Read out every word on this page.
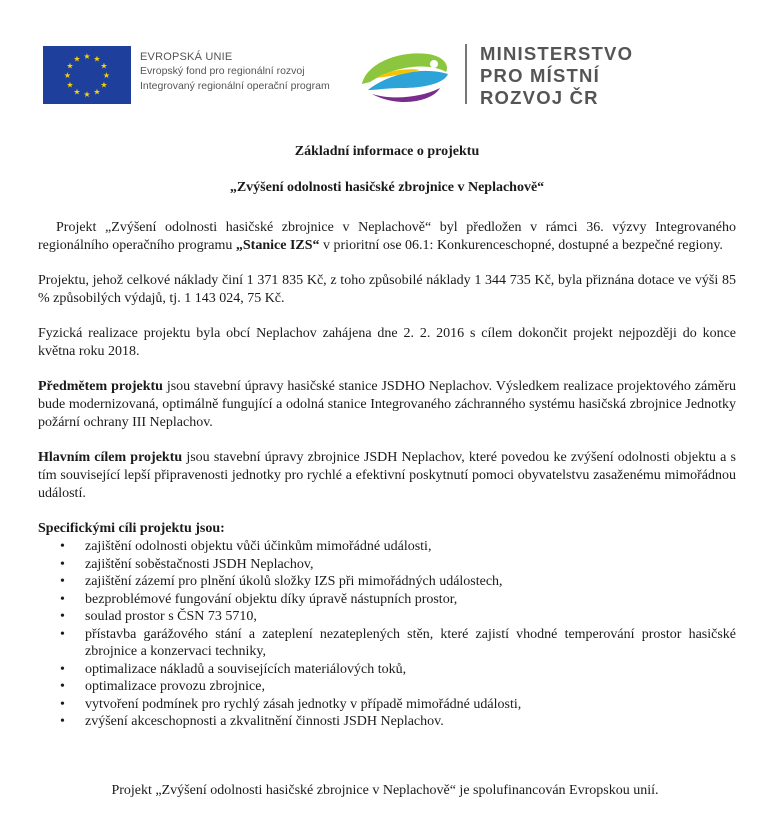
★ ★
★
★
★
★
★
★
★
★
★
★	EVROPSKÁ UNIE
Evropský fond pro regionální rozvoj
Integrovaný regionální operační program
MINISTERSTVO
PRO MÍSTNÍ
ROZVOJ ČR
Základní informace o projektu
„Zvýšení odolnosti hasičské zbrojnice v Neplachově“

Projekt „Zvýšení odolnosti hasičské zbrojnice v Neplachově“ byl předložen v rámci 36. výzvy Integrovaného regionálního operačního programu „Stanice IZS“ v prioritní ose 06.1: Konkurenceschopné, dostupné a bezpečné regiony.

Projektu, jehož celkové náklady činí 1 371 835 Kč, z toho způsobilé náklady 1 344 735 Kč, byla přiznána dotace ve výši 85 % způsobilých výdajů, tj. 1 143 024, 75 Kč.

Fyzická realizace projektu byla obcí Neplachov zahájena dne 2. 2. 2016 s cílem dokončit projekt nejpozději do konce května roku 2018.

Předmětem projektu jsou stavební úpravy hasičské stanice JSDHO Neplachov. Výsledkem realizace projektového záměru bude modernizovaná, optimálně fungující a odolná stanice Integrovaného záchranného systému hasičská zbrojnice Jednotky požární ochrany III Neplachov.

Hlavním cílem projektu jsou stavební úpravy zbrojnice JSDH Neplachov, které povedou ke zvýšení odolnosti objektu a s tím související lepší připravenosti jednotky pro rychlé a efektivní poskytnutí pomoci obyvatelstvu zasaženému mimořádnou událostí.

Specifickými cíli projektu jsou:
• zajištění odolnosti objektu vůči účinkům mimořádné události,
• zajištění soběstačnosti JSDH Neplachov,
• zajištění zázemí pro plnění úkolů složky IZS při mimořádných událostech,
• bezproblémové fungování objektu díky úpravě nástupních prostor,
• soulad prostor s ČSN 73 5710,
• přístavba garážového stání a zateplení nezateplených stěn, které zajistí vhodné temperování prostor hasičské zbrojnice a konzervaci techniky,
• optimalizace nákladů a souvisejících materiálových toků,
• optimalizace provozu zbrojnice,
• vytvoření podmínek pro rychlý zásah jednotky v případě mimořádné události,
• zvýšení akceschopnosti a zkvalitnění činnosti JSDH Neplachov.
Projekt „Zvýšení odolnosti hasičské zbrojnice v Neplachově“ je spolufinancován Evropskou unií.
